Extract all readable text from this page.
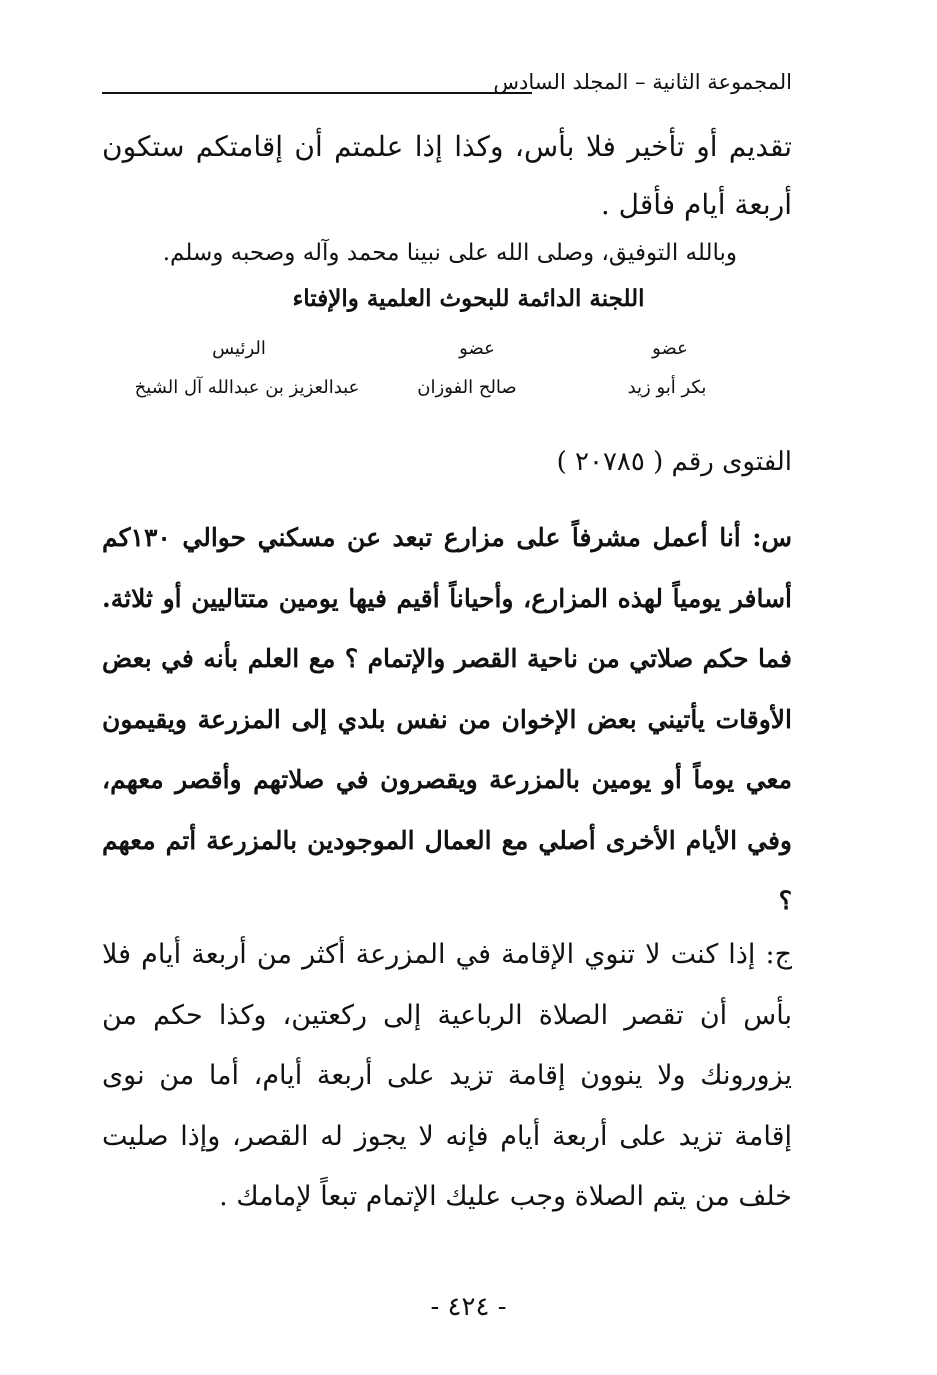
المجموعة الثانية – المجلد السادس

تقديم أو تأخير فلا بأس، وكذا إذا علمتم أن إقامتكم ستكون أربعة أيام فأقل .

وبالله التوفيق، وصلى الله على نبينا محمد وآله وصحبه وسلم.
اللجنة الدائمة للبحوث العلمية والإفتاء
عضو
عضو
الرئيس
بكر أبو زيد
صالح الفوزان
عبدالعزيز بن عبدالله آل الشيخ
الفتوى رقم ( ٢٠٧٨٥ )

س: أنا أعمل مشرفاً على مزارع تبعد عن مسكني حوالي ١٣٠كم أسافر يومياً لهذه المزارع، وأحياناً أقيم فيها يومين متتاليين أو ثلاثة. فما حكم صلاتي من ناحية القصر والإتمام ؟ مع العلم بأنه في بعض الأوقات يأتيني بعض الإخوان من نفس بلدي إلى المزرعة ويقيمون معي يوماً أو يومين بالمزرعة ويقصرون في صلاتهم وأقصر معهم، وفي الأيام الأخرى أصلي مع العمال الموجودين بالمزرعة أتم معهم ؟

ج: إذا كنت لا تنوي الإقامة في المزرعة أكثر من أربعة أيام فلا بأس أن تقصر الصلاة الرباعية إلى ركعتين، وكذا حكم من يزورونك ولا ينوون إقامة تزيد على أربعة أيام، أما من نوى إقامة تزيد على أربعة أيام فإنه لا يجوز له القصر، وإذا صليت خلف من يتم الصلاة وجب عليك الإتمام تبعاً لإمامك .

- ٤٢٤ -
